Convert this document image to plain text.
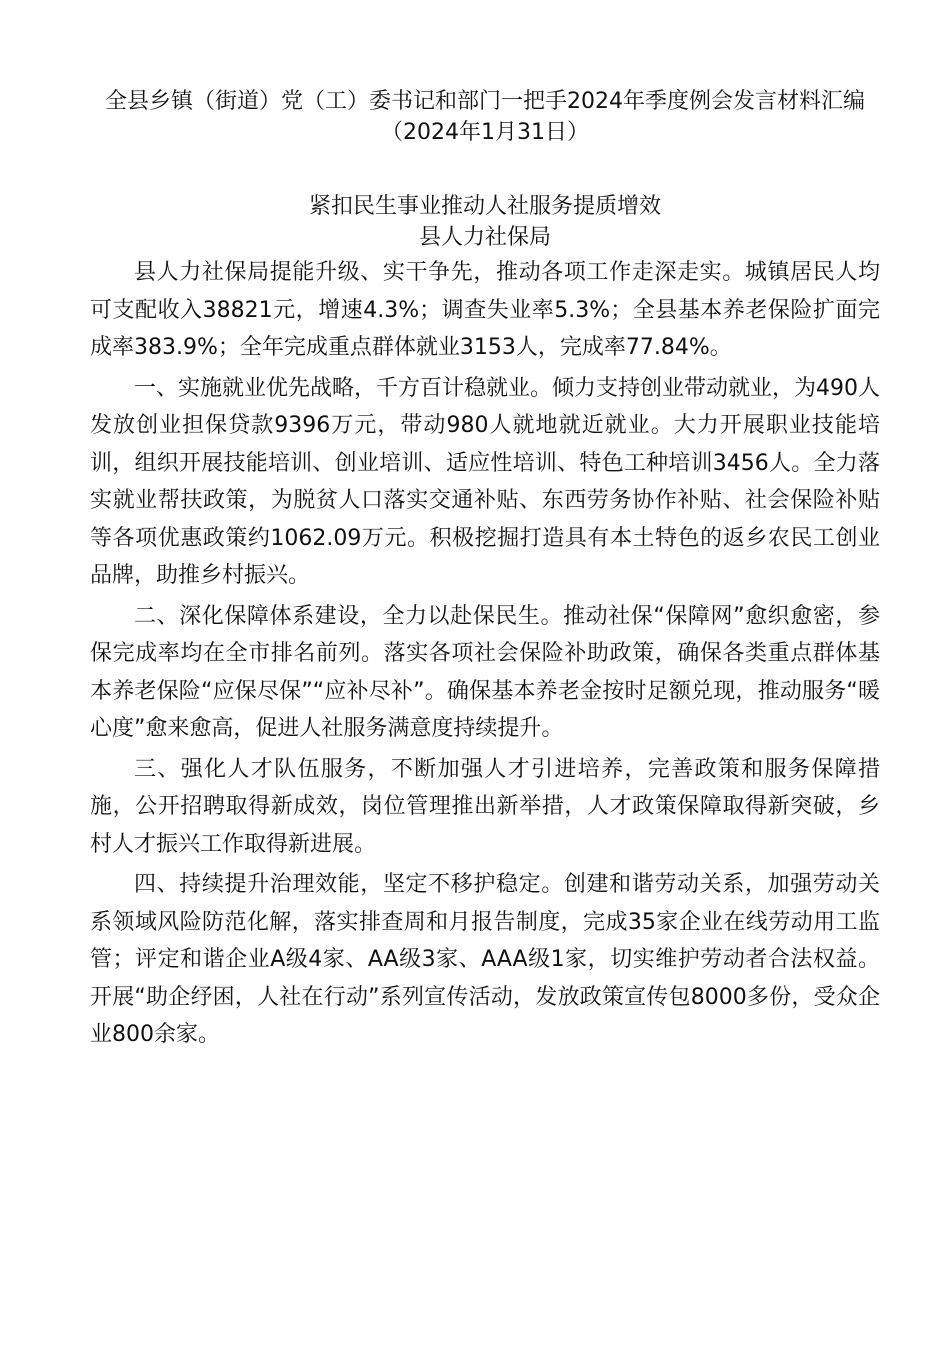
全县乡镇（街道）党（工）委书记和部门一把手2024年季度例会发言材料汇编

（2024年1月31日）

紧扣民生事业推动人社服务提质增效

县人力社保局

县人力社保局提能升级、实干争先，推动各项工作走深走实。城镇居民人均可支配收入38821元，增速4.3%；调查失业率5.3%；全县基本养老保险扩面完成率383.9%；全年完成重点群体就业3153人，完成率77.84%。

一、实施就业优先战略，千方百计稳就业。倾力支持创业带动就业，为490人发放创业担保贷款9396万元，带动980人就地就近就业。大力开展职业技能培训，组织开展技能培训、创业培训、适应性培训、特色工种培训3456人。全力落实就业帮扶政策，为脱贫人口落实交通补贴、东西劳务协作补贴、社会保险补贴等各项优惠政策约1062.09万元。积极挖掘打造具有本土特色的返乡农民工创业品牌，助推乡村振兴。

二、深化保障体系建设，全力以赴保民生。推动社保“保障网”愈织愈密，参保完成率均在全市排名前列。落实各项社会保险补助政策，确保各类重点群体基本养老保险“应保尽保”“应补尽补”。确保基本养老金按时足额兑现，推动服务“暖心度”愈来愈高，促进人社服务满意度持续提升。

三、强化人才队伍服务，不断加强人才引进培养，完善政策和服务保障措施，公开招聘取得新成效，岗位管理推出新举措，人才政策保障取得新突破，乡村人才振兴工作取得新进展。

四、持续提升治理效能，坚定不移护稳定。创建和谐劳动关系，加强劳动关系领域风险防范化解，落实排查周和月报告制度，完成35家企业在线劳动用工监管；评定和谐企业A级4家、AA级3家、AAA级1家，切实维护劳动者合法权益。开展“助企纾困，人社在行动”系列宣传活动，发放政策宣传包8000多份，受众企业800余家。
